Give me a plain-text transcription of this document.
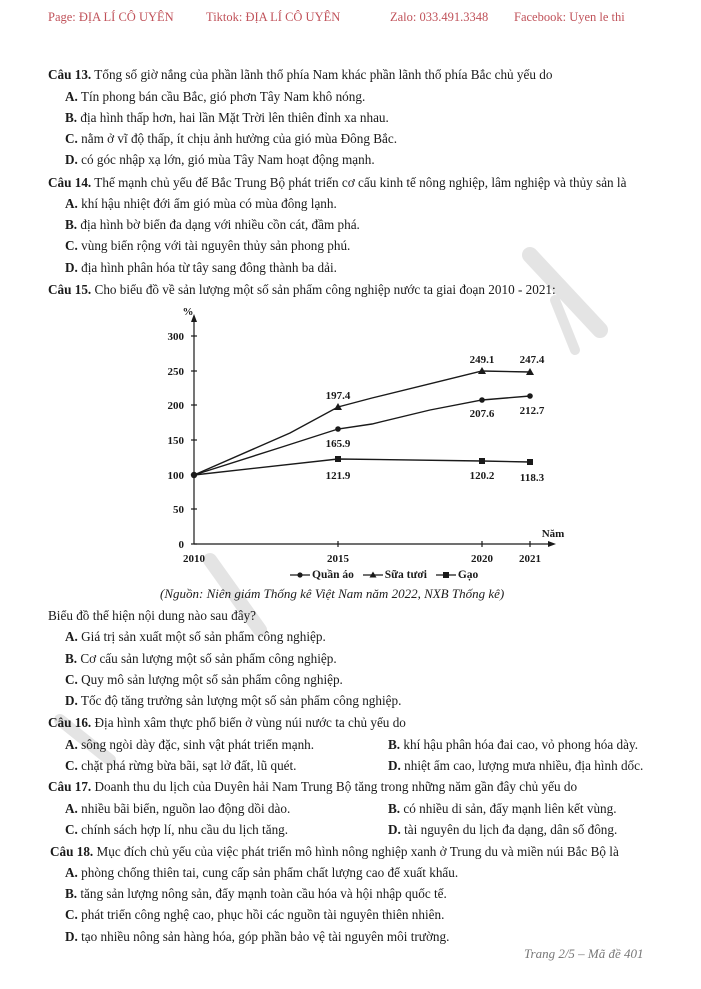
Page: ĐỊA LÍ CÔ UYÊN	Tiktok: ĐỊA LÍ CÔ UYÊN	Zalo: 033.491.3348 Facebook: Uyen le thi
Câu 13. Tổng số giờ nắng của phần lãnh thổ phía Nam khác phần lãnh thổ phía Bắc chủ yếu do
A. Tín phong bán cầu Bắc, gió phơn Tây Nam khô nóng.
B. địa hình thấp hơn, hai lần Mặt Trời lên thiên đỉnh xa nhau.
C. nằm ở vĩ độ thấp, ít chịu ảnh hưởng của gió mùa Đông Bắc.
D. có góc nhập xạ lớn, gió mùa Tây Nam hoạt động mạnh.
Câu 14. Thế mạnh chủ yếu để Bắc Trung Bộ phát triển cơ cấu kinh tế nông nghiệp, lâm nghiệp và thủy sản là
A. khí hậu nhiệt đới ẩm gió mùa có mùa đông lạnh.
B. địa hình bờ biển đa dạng với nhiều cồn cát, đầm phá.
C. vùng biển rộng với tài nguyên thủy sản phong phú.
D. địa hình phân hóa từ tây sang đông thành ba dải.
Câu 15. Cho biểu đồ về sản lượng một số sản phẩm công nghiệp nước ta giai đoạn 2010 - 2021:
%
Năm
0
50
100
150
200
250
300
2010	2015	2020 2021
197.4
249.1 247.4
165.9
207.6 212.7
121.9	120.2 118.3
Quần áo
	Sữa tươi
	Gạo
(Nguồn: Niên giám Thống kê Việt Nam năm 2022, NXB Thống kê)
Biểu đồ thể hiện nội dung nào sau đây?
A. Giá trị sản xuất một số sản phẩm công nghiệp.
B. Cơ cấu sản lượng một số sản phẩm công nghiệp.
C. Quy mô sản lượng một số sản phẩm công nghiệp.
D. Tốc độ tăng trưởng sản lượng một số sản phẩm công nghiệp.
Câu 16. Địa hình xâm thực phổ biến ở vùng núi nước ta chủ yếu do
A. sông ngòi dày đặc, sinh vật phát triển mạnh.	B. khí hậu phân hóa đai cao, vỏ phong hóa dày.
C. chặt phá rừng bừa bãi, sạt lở đất, lũ quét.	D. nhiệt ẩm cao, lượng mưa nhiều, địa hình dốc.
Câu 17. Doanh thu du lịch của Duyên hải Nam Trung Bộ tăng trong những năm gần đây chủ yếu do
A. nhiều bãi biển, nguồn lao động dồi dào.	B. có nhiều di sản, đẩy mạnh liên kết vùng.
C. chính sách hợp lí, nhu cầu du lịch tăng.	D. tài nguyên du lịch đa dạng, dân số đông.
Câu 18. Mục đích chủ yếu của việc phát triển mô hình nông nghiệp xanh ở Trung du và miền núi Bắc Bộ là
A. phòng chống thiên tai, cung cấp sản phẩm chất lượng cao để xuất khẩu.
B. tăng sản lượng nông sản, đẩy mạnh toàn cầu hóa và hội nhập quốc tế.
C. phát triển công nghệ cao, phục hồi các nguồn tài nguyên thiên nhiên.
D. tạo nhiều nông sản hàng hóa, góp phần bảo vệ tài nguyên môi trường.
Trang 2/5 – Mã đề 401
